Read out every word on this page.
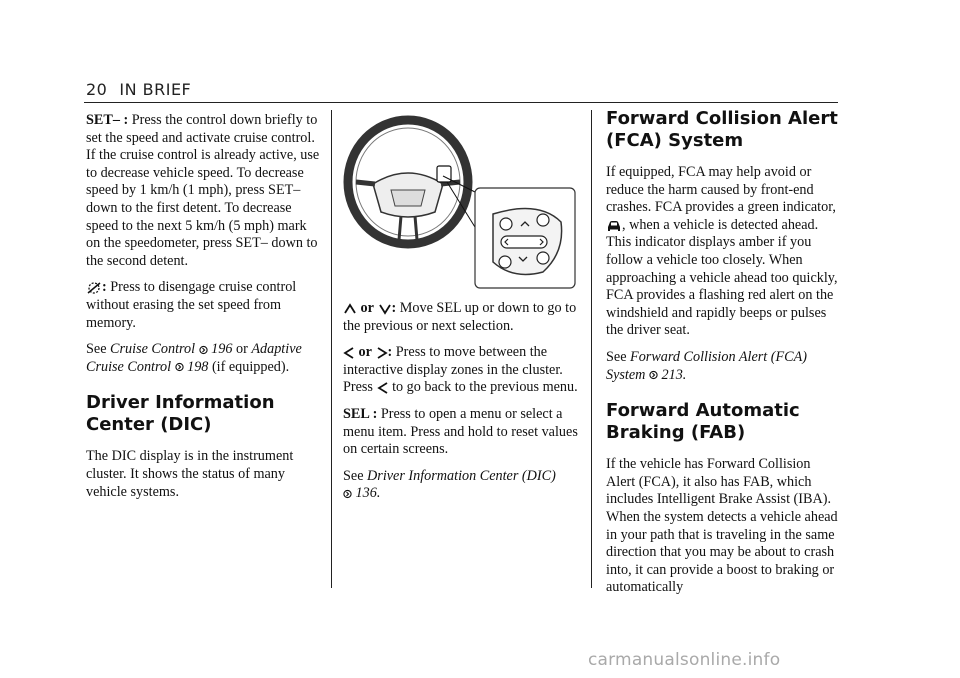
20 IN BRIEF

SET– : Press the control down briefly to set the speed and activate cruise control. If the cruise control is already active, use to decrease vehicle speed. To decrease speed by 1 km/h (1 mph), press SET– down to the first detent. To decrease speed to the next 5 km/h (5 mph) mark on the speedometer, press SET– down to the second detent.

: Press to disengage cruise control without erasing the set speed from memory.

See Cruise Control 196 or Adaptive Cruise Control 198 (if equipped).

Driver Information
Center (DIC)

The DIC display is in the instrument cluster. It shows the status of many vehicle systems.

or : Move SEL up or down to go to the previous or next selection.

or : Press to move between the interactive display zones in the cluster. Press to go back to the previous menu.

SEL : Press to open a menu or select a menu item. Press and hold to reset values on certain screens.

See Driver Information Center (DIC)
136.

Forward Collision Alert
(FCA) System

If equipped, FCA may help avoid or reduce the harm caused by front-end crashes. FCA provides a green indicator, , when a vehicle is detected ahead. This indicator displays amber if you follow a vehicle too closely. When approaching a vehicle ahead too quickly, FCA provides a flashing red alert on the windshield and rapidly beeps or pulses the driver seat.

See Forward Collision Alert (FCA) System 213.

Forward Automatic
Braking (FAB)

If the vehicle has Forward Collision Alert (FCA), it also has FAB, which includes Intelligent Brake Assist (IBA). When the system detects a vehicle ahead in your path that is traveling in the same direction that you may be about to crash into, it can provide a boost to braking or automatically

carmanualsonline.info
